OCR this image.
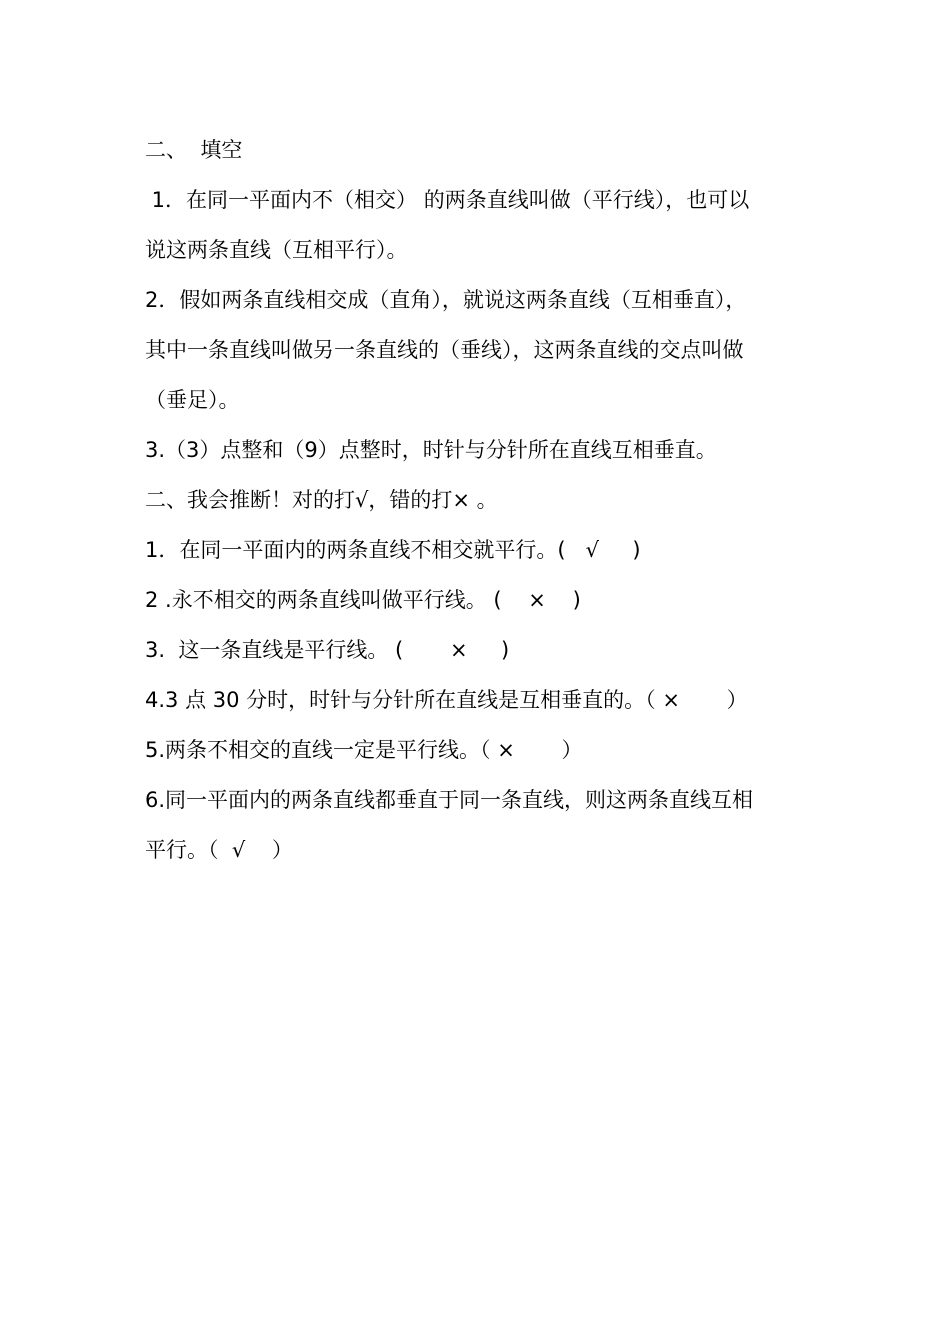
二、  填空
1．在同一平面内不（相交） 的两条直线叫做（平行线），也可以
说这两条直线（互相平行）。
2．假如两条直线相交成（直角），就说这两条直线（互相垂直），
其中一条直线叫做另一条直线的（垂线），这两条直线的交点叫做
（垂足）。
3.（3）点整和（9）点整时，时针与分针所在直线互相垂直。
二、我会推断！对的打√，错的打× 。
1．在同一平面内的两条直线不相交就平行。(   √     )
2 .永不相交的两条直线叫做平行线。 (    ×    )
3.  这一条直线是平行线。 (       ×     )
4.3 点 30 分时，时针与分针所在直线是互相垂直的。（ ×       ）
5.两条不相交的直线一定是平行线。（ ×       ）
6.同一平面内的两条直线都垂直于同一条直线，则这两条直线互相
平行。（  √    ）
